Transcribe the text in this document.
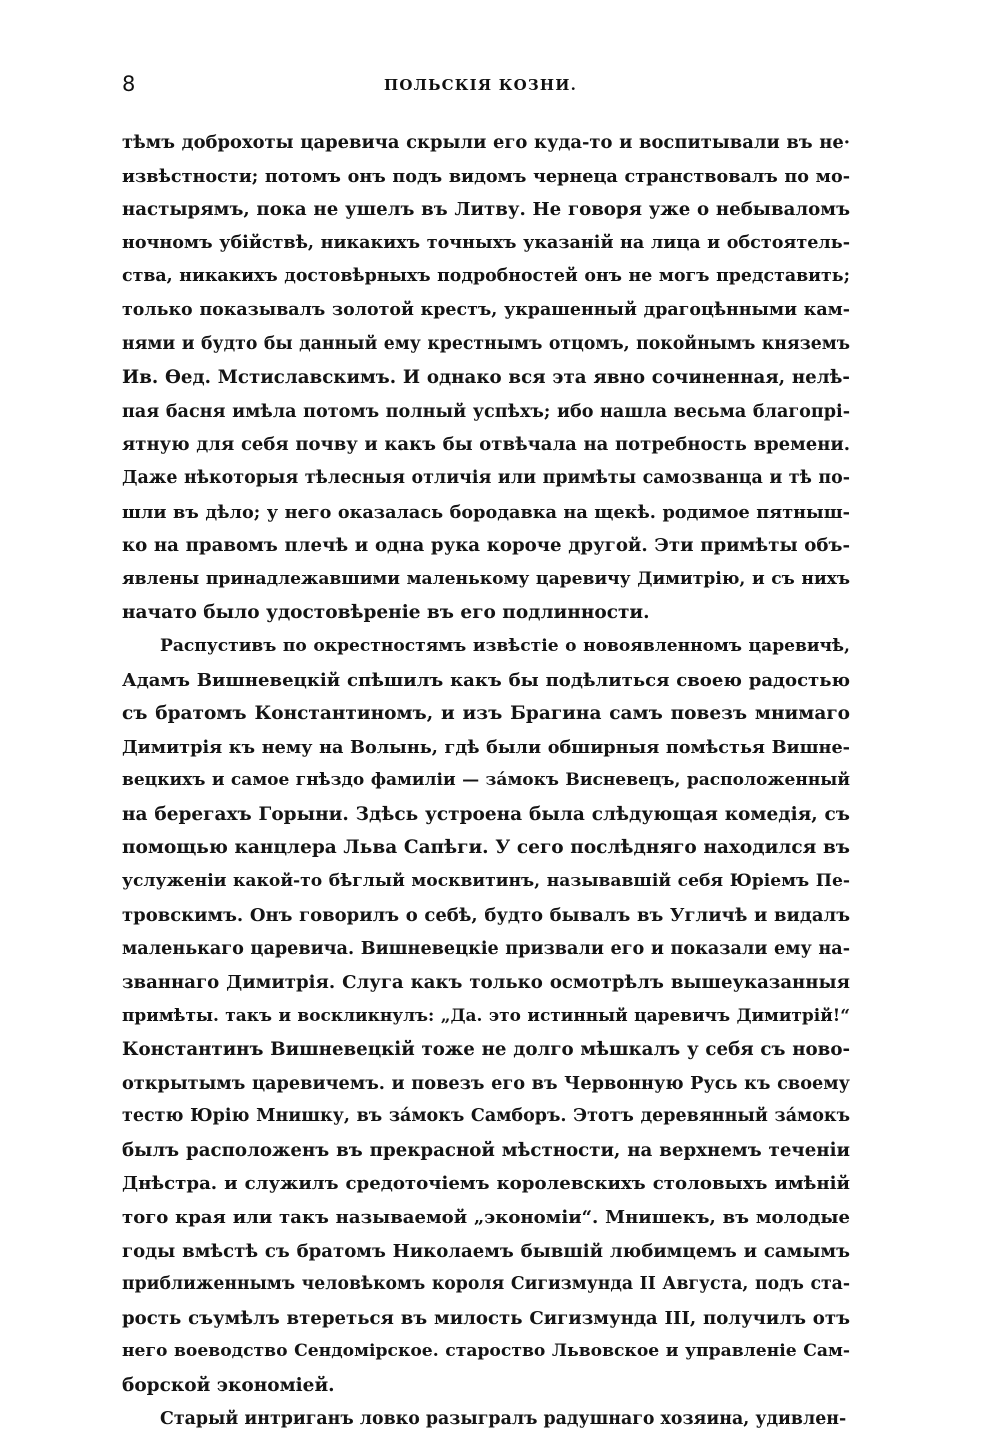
8	ПОЛЬСКІЯ КОЗНИ.
тѣмъ доброхоты царевича скрыли его куда-то и воспитывали въ не·
извѣстности; потомъ онъ подъ видомъ чернеца странствовалъ по мо-
настырямъ, пока не ушелъ въ Литву. Не говоря уже о небываломъ
ночномъ убійствѣ, никакихъ точныхъ указаній на лица и обстоятель-
ства, никакихъ достовѣрныхъ подробностей онъ не могъ представить;
только показывалъ золотой крестъ, украшенный драгоцѣнными кам-
нями и будто бы данный ему крестнымъ отцомъ, покойнымъ княземъ
Ив. Ѳед. Мстиславскимъ. И однако вся эта явно сочиненная, нелѣ-
пая басня имѣла потомъ полный успѣхъ; ибо нашла весьма благопрі-
ятную для себя почву и какъ бы отвѣчала на потребность времени.
Даже нѣкоторыя тѣлесныя отличія или примѣты самозванца и тѣ по-
шли въ дѣло; у него оказалась бородавка на щекѣ. родимое пятныш-
ко на правомъ плечѣ и одна рука короче другой. Эти примѣты объ-
явлены принадлежавшими маленькому царевичу Димитрію, и съ нихъ
начато было удостовѣреніе въ его подлинности.
Распустивъ по окрестностямъ извѣстіе о новоявленномъ царевичѣ,
Адамъ Вишневецкій спѣшилъ какъ бы подѣлиться своею радостью
съ братомъ Константиномъ, и изъ Брагина самъ повезъ мнимаго
Димитрія къ нему на Волынь, гдѣ были обширныя помѣстья Вишне-
вецкихъ и самое гнѣздо фамиліи — зáмокъ Висневецъ, расположенный
на берегахъ Горыни. Здѣсь устроена была слѣдующая комедія, съ
помощью канцлера Льва Сапѣги. У сего послѣдняго находился въ
услуженіи какой-то бѣглый москвитинъ, называвшій себя Юріемъ Пе-
тровскимъ. Онъ говорилъ о себѣ, будто бывалъ въ Угличѣ и видалъ
маленькаго царевича. Вишневецкіе призвали его и показали ему на-
званнаго Димитрія. Слуга какъ только осмотрѣлъ вышеуказанныя
примѣты. такъ и воскликнулъ: „Да. это истинный царевичъ Димитрій!“
Константинъ Вишневецкій тоже не долго мѣшкалъ у себя съ ново-
открытымъ царевичемъ. и повезъ его въ Червонную Русь къ своему
тестю Юрію Мнишку, въ зáмокъ Самборъ. Этотъ деревянный зáмокъ
былъ расположенъ въ прекрасной мѣстности, на верхнемъ теченіи
Днѣстра. и служилъ средоточіемъ королевскихъ столовыхъ имѣній
того края или такъ называемой „экономіи“. Мнишекъ, въ молодые
годы вмѣстѣ съ братомъ Николаемъ бывшій любимцемъ и самымъ
приближеннымъ человѣкомъ короля Сигизмунда II Августа, подъ ста-
рость съумѣлъ втереться въ милость Сигизмунда III, получилъ отъ
него воеводство Сендомірское. староство Львовское и управленіе Сам-
борской экономіей.
Старый интриганъ ловко разыгралъ радушнаго хозяина, удивлен-
